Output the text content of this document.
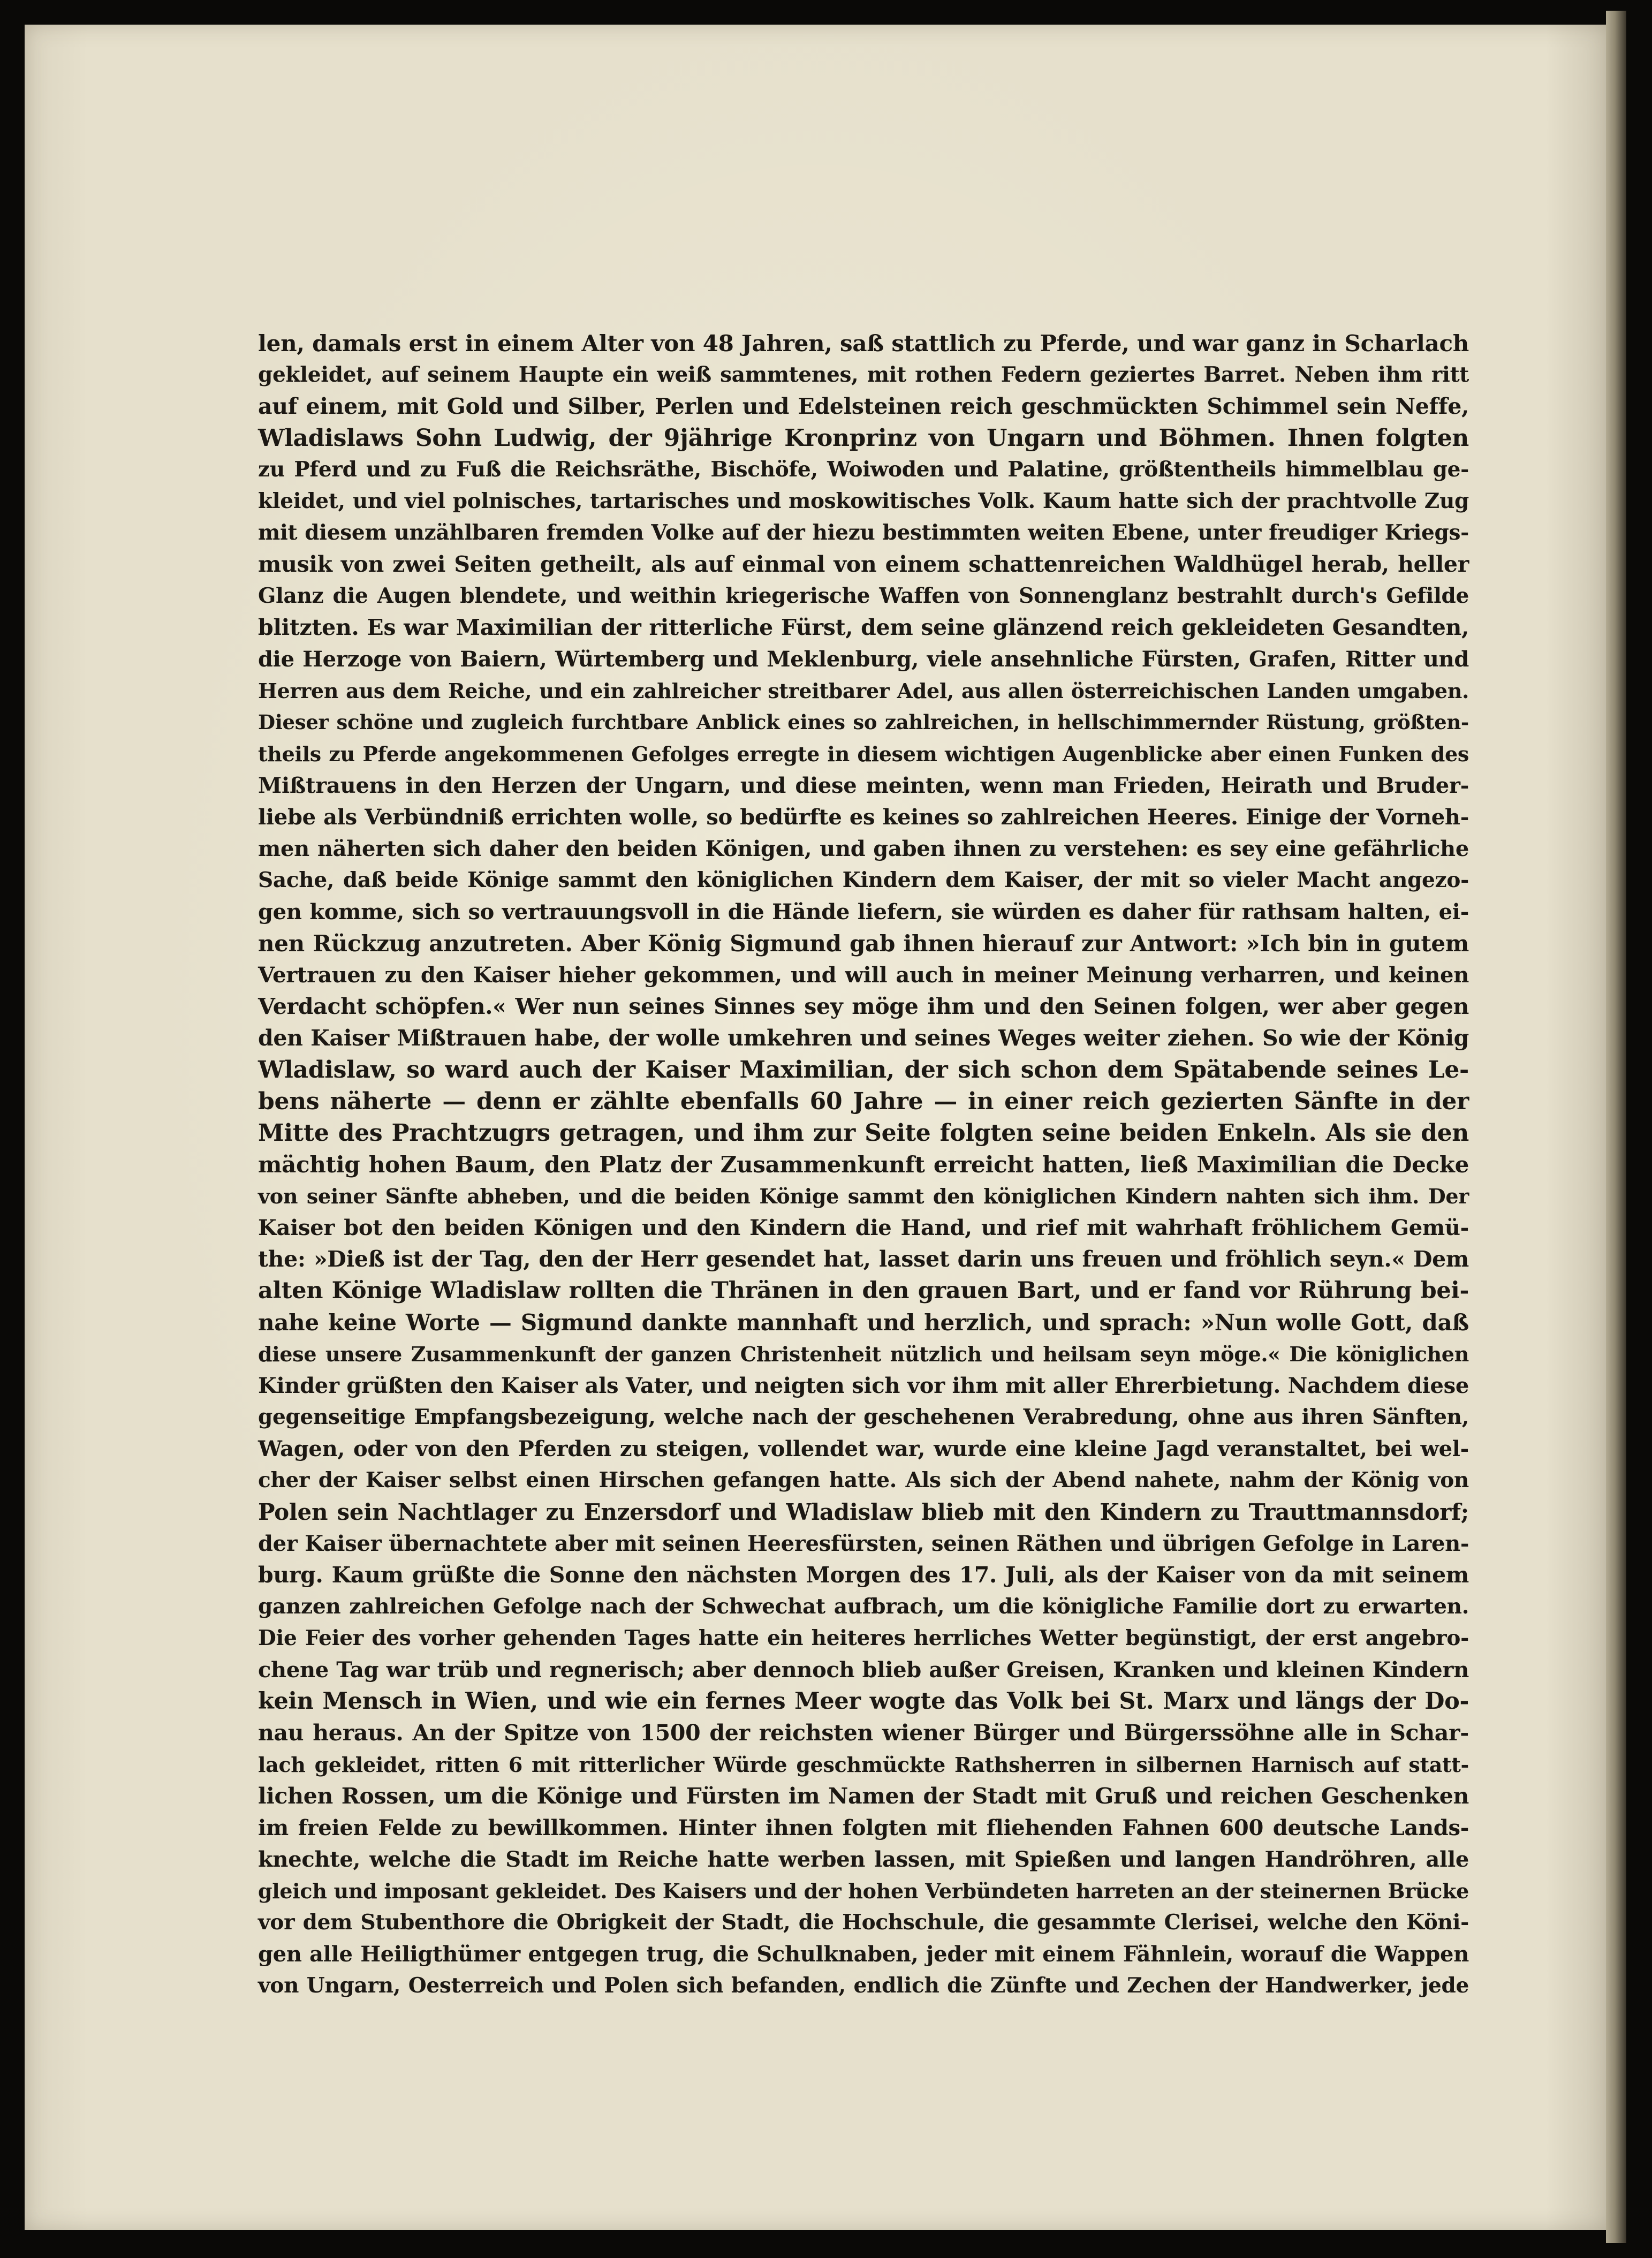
len, damals erst in einem Alter von 48 Jahren, saß stattlich zu Pferde, und war ganz in Scharlach
gekleidet, auf seinem Haupte ein weiß sammtenes, mit rothen Federn geziertes Barret. Neben ihm ritt
auf einem, mit Gold und Silber, Perlen und Edelsteinen reich geschmückten Schimmel sein Neffe,
Wladislaws Sohn Ludwig, der 9jährige Kronprinz von Ungarn und Böhmen. Ihnen folgten
zu Pferd und zu Fuß die Reichsräthe, Bischöfe, Woiwoden und Palatine, größtentheils himmelblau ge-
kleidet, und viel polnisches, tartarisches und moskowitisches Volk. Kaum hatte sich der prachtvolle Zug
mit diesem unzählbaren fremden Volke auf der hiezu bestimmten weiten Ebene, unter freudiger Kriegs-
musik von zwei Seiten getheilt, als auf einmal von einem schattenreichen Waldhügel herab, heller
Glanz die Augen blendete, und weithin kriegerische Waffen von Sonnenglanz bestrahlt durch's Gefilde
blitzten. Es war Maximilian der ritterliche Fürst, dem seine glänzend reich gekleideten Gesandten,
die Herzoge von Baiern, Würtemberg und Meklenburg, viele ansehnliche Fürsten, Grafen, Ritter und
Herren aus dem Reiche, und ein zahlreicher streitbarer Adel, aus allen österreichischen Landen umgaben.
Dieser schöne und zugleich furchtbare Anblick eines so zahlreichen, in hellschimmernder Rüstung, größten-
theils zu Pferde angekommenen Gefolges erregte in diesem wichtigen Augenblicke aber einen Funken des
Mißtrauens in den Herzen der Ungarn, und diese meinten, wenn man Frieden, Heirath und Bruder-
liebe als Verbündniß errichten wolle, so bedürfte es keines so zahlreichen Heeres. Einige der Vorneh-
men näherten sich daher den beiden Königen, und gaben ihnen zu verstehen: es sey eine gefährliche
Sache, daß beide Könige sammt den königlichen Kindern dem Kaiser, der mit so vieler Macht angezo-
gen komme, sich so vertrauungsvoll in die Hände liefern, sie würden es daher für rathsam halten, ei-
nen Rückzug anzutreten. Aber König Sigmund gab ihnen hierauf zur Antwort: »Ich bin in gutem
Vertrauen zu den Kaiser hieher gekommen, und will auch in meiner Meinung verharren, und keinen
Verdacht schöpfen.« Wer nun seines Sinnes sey möge ihm und den Seinen folgen, wer aber gegen
den Kaiser Mißtrauen habe, der wolle umkehren und seines Weges weiter ziehen. So wie der König
Wladislaw, so ward auch der Kaiser Maximilian, der sich schon dem Spätabende seines Le-
bens näherte — denn er zählte ebenfalls 60 Jahre — in einer reich gezierten Sänfte in der
Mitte des Prachtzugrs getragen, und ihm zur Seite folgten seine beiden Enkeln. Als sie den
mächtig hohen Baum, den Platz der Zusammenkunft erreicht hatten, ließ Maximilian die Decke
von seiner Sänfte abheben, und die beiden Könige sammt den königlichen Kindern nahten sich ihm. Der
Kaiser bot den beiden Königen und den Kindern die Hand, und rief mit wahrhaft fröhlichem Gemü-
the: »Dieß ist der Tag, den der Herr gesendet hat, lasset darin uns freuen und fröhlich seyn.« Dem
alten Könige Wladislaw rollten die Thränen in den grauen Bart, und er fand vor Rührung bei-
nahe keine Worte — Sigmund dankte mannhaft und herzlich, und sprach: »Nun wolle Gott, daß
diese unsere Zusammenkunft der ganzen Christenheit nützlich und heilsam seyn möge.« Die königlichen
Kinder grüßten den Kaiser als Vater, und neigten sich vor ihm mit aller Ehrerbietung. Nachdem diese
gegenseitige Empfangsbezeigung, welche nach der geschehenen Verabredung, ohne aus ihren Sänften,
Wagen, oder von den Pferden zu steigen, vollendet war, wurde eine kleine Jagd veranstaltet, bei wel-
cher der Kaiser selbst einen Hirschen gefangen hatte. Als sich der Abend nahete, nahm der König von
Polen sein Nachtlager zu Enzersdorf und Wladislaw blieb mit den Kindern zu Trauttmannsdorf;
der Kaiser übernachtete aber mit seinen Heeresfürsten, seinen Räthen und übrigen Gefolge in Laren-
burg. Kaum grüßte die Sonne den nächsten Morgen des 17. Juli, als der Kaiser von da mit seinem
ganzen zahlreichen Gefolge nach der Schwechat aufbrach, um die königliche Familie dort zu erwarten.
Die Feier des vorher gehenden Tages hatte ein heiteres herrliches Wetter begünstigt, der erst angebro-
chene Tag war trüb und regnerisch; aber dennoch blieb außer Greisen, Kranken und kleinen Kindern
kein Mensch in Wien, und wie ein fernes Meer wogte das Volk bei St. Marx und längs der Do-
nau heraus. An der Spitze von 1500 der reichsten wiener Bürger und Bürgerssöhne alle in Schar-
lach gekleidet, ritten 6 mit ritterlicher Würde geschmückte Rathsherren in silbernen Harnisch auf statt-
lichen Rossen, um die Könige und Fürsten im Namen der Stadt mit Gruß und reichen Geschenken
im freien Felde zu bewillkommen. Hinter ihnen folgten mit fliehenden Fahnen 600 deutsche Lands-
knechte, welche die Stadt im Reiche hatte werben lassen, mit Spießen und langen Handröhren, alle
gleich und imposant gekleidet. Des Kaisers und der hohen Verbündeten harreten an der steinernen Brücke
vor dem Stubenthore die Obrigkeit der Stadt, die Hochschule, die gesammte Clerisei, welche den Köni-
gen alle Heiligthümer entgegen trug, die Schulknaben, jeder mit einem Fähnlein, worauf die Wappen
von Ungarn, Oesterreich und Polen sich befanden, endlich die Zünfte und Zechen der Handwerker, jede
